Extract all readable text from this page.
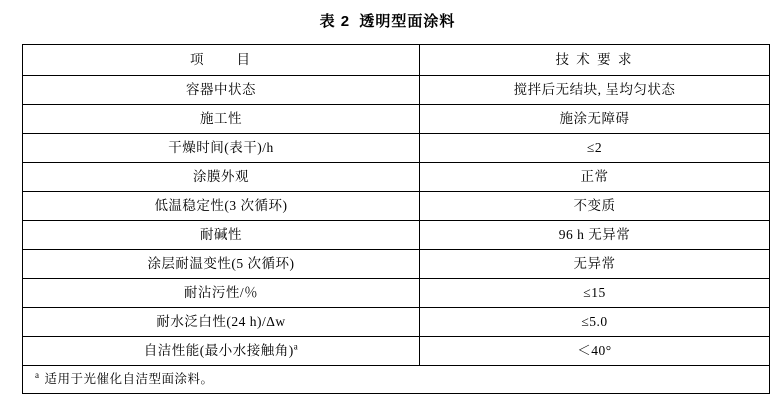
表 2 透明型面涂料
项　　目	技 术 要 求
容器中状态	搅拌后无结块, 呈均匀状态
施工性	施涂无障碍
干燥时间(表干)/h	≤2
涂膜外观	正常
低温稳定性(3 次循环)	不变质
耐碱性	96 h 无异常
涂层耐温变性(5 次循环)	无异常
耐沾污性/％	≤15
耐水泛白性(24 h)/Δw	≤5.0
自洁性能(最小水接触角)$^a$	＜40°
$^a$ 适用于光催化自洁型面涂料。	
